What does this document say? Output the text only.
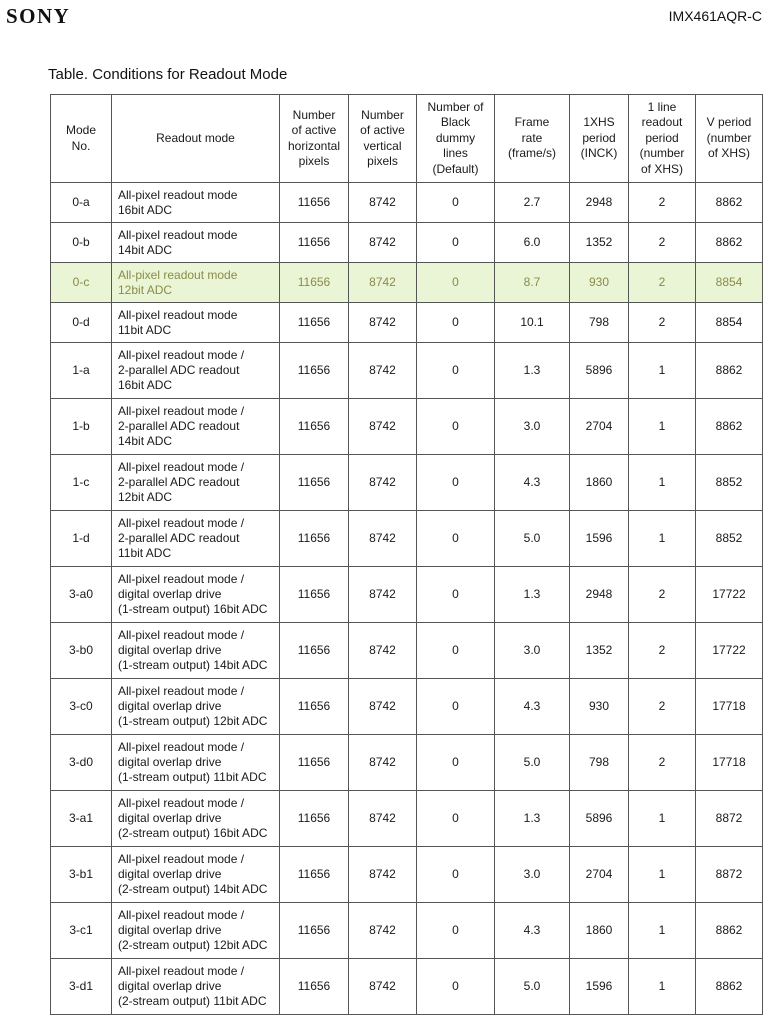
SONY	IMX461AQR-C
Table. Conditions for Readout Mode
Mode
No.	Readout mode	Number
of active
horizontal
pixels	Number
of active
vertical
pixels	Number of
Black
dummy
lines
(Default)	Frame
rate
(frame/s)	1XHS
period
(INCK)	1 line
readout
period
(number
of XHS)	V period
(number
of XHS)
0-a	All-pixel readout mode
16bit ADC	11656	8742	0	2.7	2948	2	8862
0-b	All-pixel readout mode
14bit ADC	11656	8742	0	6.0	1352	2	8862
0-c	All-pixel readout mode
12bit ADC	11656	8742	0	8.7	930	2	8854
0-d	All-pixel readout mode
11bit ADC	11656	8742	0	10.1	798	2	8854
1-a	All-pixel readout mode /
2-parallel ADC readout
16bit ADC	11656	8742	0	1.3	5896	1	8862
1-b	All-pixel readout mode /
2-parallel ADC readout
14bit ADC	11656	8742	0	3.0	2704	1	8862
1-c	All-pixel readout mode /
2-parallel ADC readout
12bit ADC	11656	8742	0	4.3	1860	1	8852
1-d	All-pixel readout mode /
2-parallel ADC readout
11bit ADC	11656	8742	0	5.0	1596	1	8852
3-a0	All-pixel readout mode /
digital overlap drive
(1-stream output) 16bit ADC	11656	8742	0	1.3	2948	2	17722
3-b0	All-pixel readout mode /
digital overlap drive
(1-stream output) 14bit ADC	11656	8742	0	3.0	1352	2	17722
3-c0	All-pixel readout mode /
digital overlap drive
(1-stream output) 12bit ADC	11656	8742	0	4.3	930	2	17718
3-d0	All-pixel readout mode /
digital overlap drive
(1-stream output) 11bit ADC	11656	8742	0	5.0	798	2	17718
3-a1	All-pixel readout mode /
digital overlap drive
(2-stream output) 16bit ADC	11656	8742	0	1.3	5896	1	8872
3-b1	All-pixel readout mode /
digital overlap drive
(2-stream output) 14bit ADC	11656	8742	0	3.0	2704	1	8872
3-c1	All-pixel readout mode /
digital overlap drive
(2-stream output) 12bit ADC	11656	8742	0	4.3	1860	1	8862
3-d1	All-pixel readout mode /
digital overlap drive
(2-stream output) 11bit ADC	11656	8742	0	5.0	1596	1	8862
